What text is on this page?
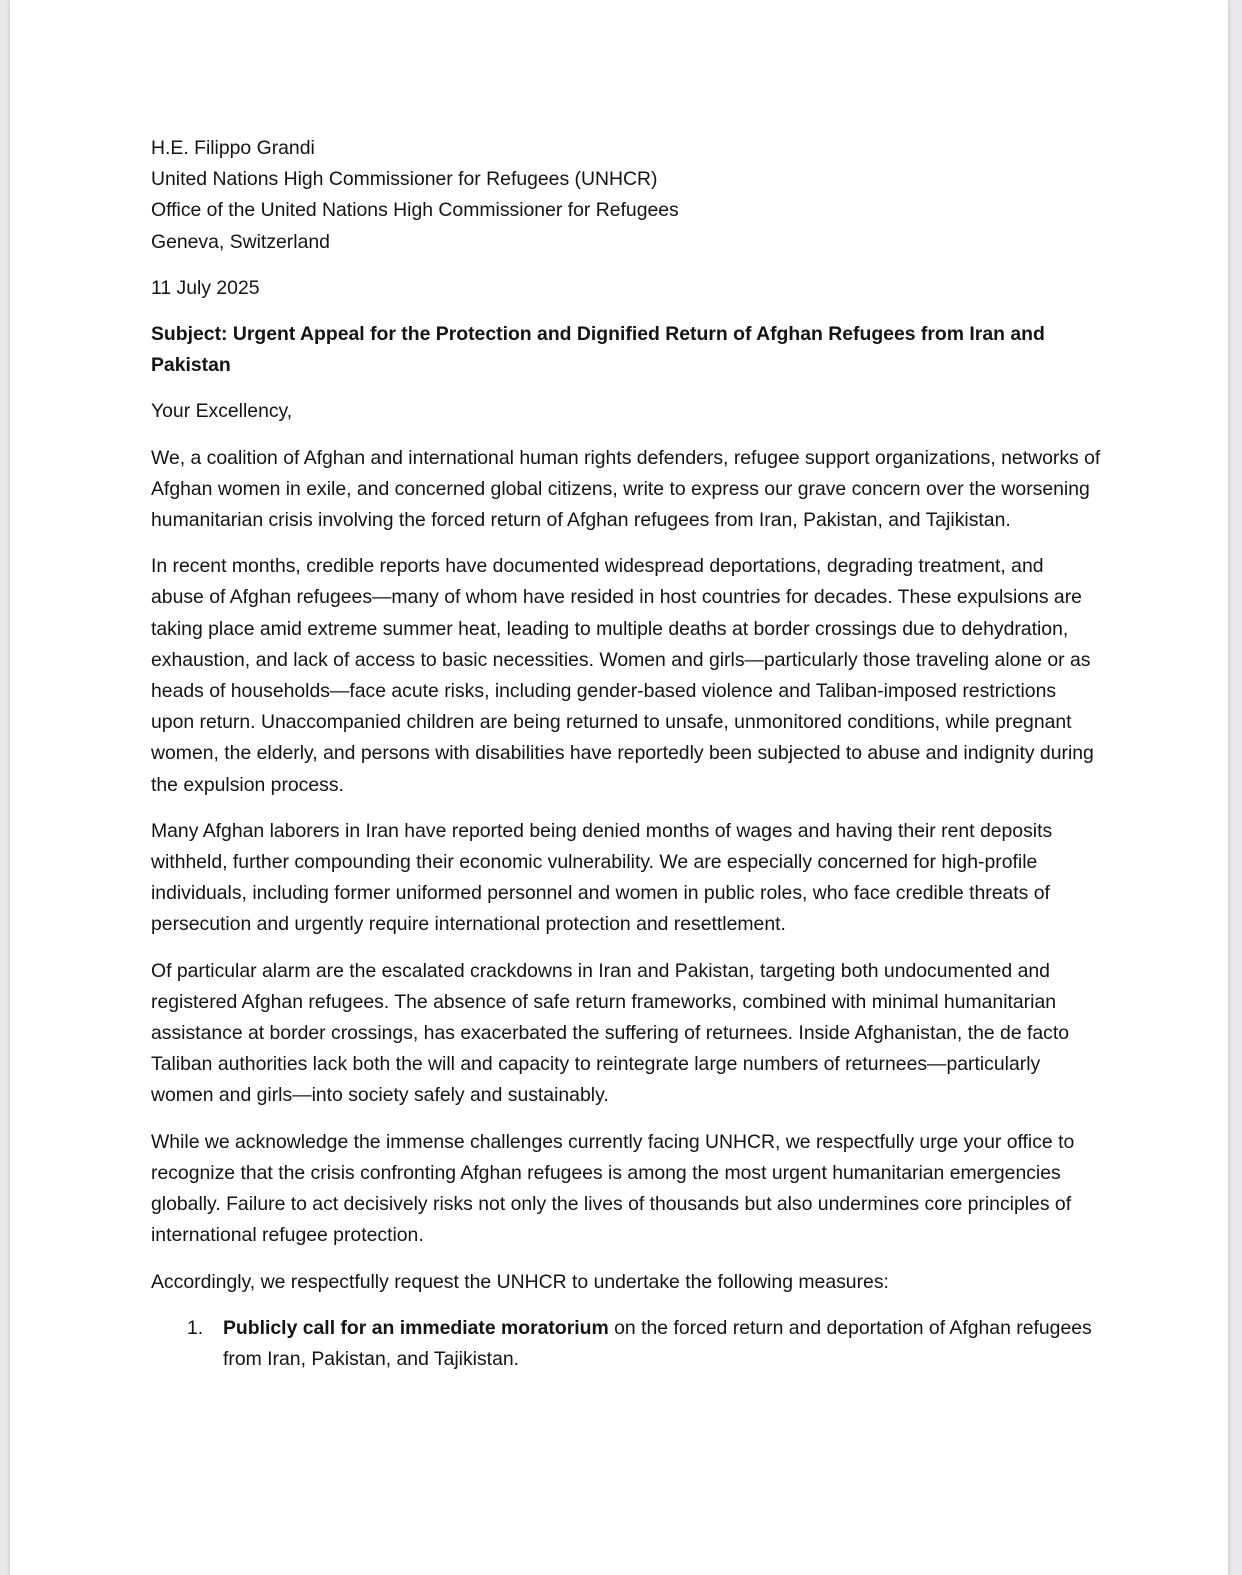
H.E. Filippo Grandi

United Nations High Commissioner for Refugees (UNHCR)

Office of the United Nations High Commissioner for Refugees

Geneva, Switzerland

11 July 2025

Subject: Urgent Appeal for the Protection and Dignified Return of Afghan Refugees from Iran and Pakistan

Your Excellency,

We, a coalition of Afghan and international human rights defenders, refugee support organizations, networks of Afghan women in exile, and concerned global citizens, write to express our grave concern over the worsening humanitarian crisis involving the forced return of Afghan refugees from Iran, Pakistan, and Tajikistan.

In recent months, credible reports have documented widespread deportations, degrading treatment, and abuse of Afghan refugees—many of whom have resided in host countries for decades. These expulsions are taking place amid extreme summer heat, leading to multiple deaths at border crossings due to dehydration, exhaustion, and lack of access to basic necessities. Women and girls—particularly those traveling alone or as heads of households—face acute risks, including gender-based violence and Taliban-imposed restrictions upon return. Unaccompanied children are being returned to unsafe, unmonitored conditions, while pregnant women, the elderly, and persons with disabilities have reportedly been subjected to abuse and indignity during the expulsion process.

Many Afghan laborers in Iran have reported being denied months of wages and having their rent deposits withheld, further compounding their economic vulnerability. We are especially concerned for high-profile individuals, including former uniformed personnel and women in public roles, who face credible threats of persecution and urgently require international protection and resettlement.

Of particular alarm are the escalated crackdowns in Iran and Pakistan, targeting both undocumented and registered Afghan refugees. The absence of safe return frameworks, combined with minimal humanitarian assistance at border crossings, has exacerbated the suffering of returnees. Inside Afghanistan, the de facto Taliban authorities lack both the will and capacity to reintegrate large numbers of returnees—particularly women and girls—into society safely and sustainably.

While we acknowledge the immense challenges currently facing UNHCR, we respectfully urge your office to recognize that the crisis confronting Afghan refugees is among the most urgent humanitarian emergencies globally. Failure to act decisively risks not only the lives of thousands but also undermines core principles of international refugee protection.

Accordingly, we respectfully request the UNHCR to undertake the following measures:

1. Publicly call for an immediate moratorium on the forced return and deportation of Afghan refugees from Iran, Pakistan, and Tajikistan.
